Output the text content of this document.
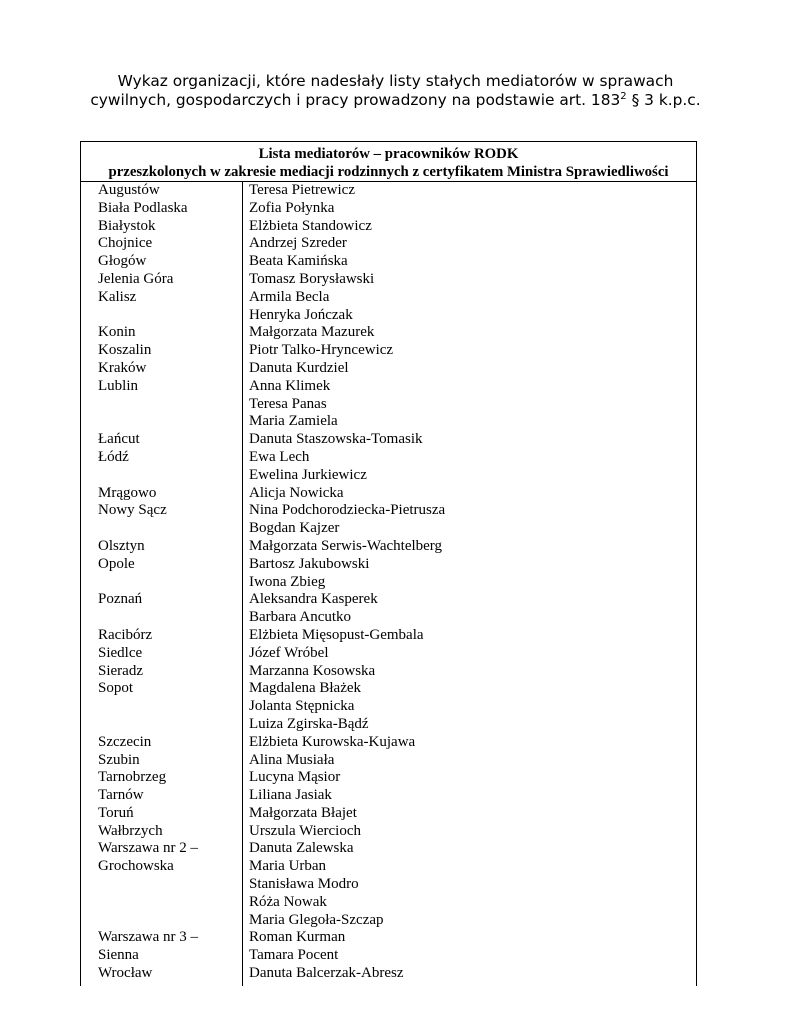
Wykaz organizacji, które nadesłały listy stałych mediatorów w sprawach
cywilnych, gospodarczych i pracy prowadzony na podstawie art. $183^2$ § 3 k.p.c.
Lista mediatorów – pracowników RODK
przeszkolonych w zakresie mediacji rodzinnych z certyfikatem Ministra Sprawiedliwości
Augustów	Teresa Pietrewicz
Biała Podlaska	Zofia Połynka
Białystok	Elżbieta Standowicz
Chojnice	Andrzej Szreder
Głogów	Beata Kamińska
Jelenia Góra	Tomasz Borysławski
Kalisz	Armila Becla
Henryka Jończak
Konin	Małgorzata Mazurek
Koszalin	Piotr Talko-Hryncewicz
Kraków	Danuta Kurdziel
Lublin	Anna Klimek
Teresa Panas
Maria Zamiela
Łańcut	Danuta Staszowska-Tomasik
Łódź	Ewa Lech
Ewelina Jurkiewicz
Mrągowo	Alicja Nowicka
Nowy Sącz	Nina Podchorodziecka-Pietrusza
Bogdan Kajzer
Olsztyn	Małgorzata Serwis-Wachtelberg
Opole	Bartosz Jakubowski
Iwona Zbieg
Poznań	Aleksandra Kasperek
Barbara Ancutko
Racibórz	Elżbieta Mięsopust-Gembala
Siedlce	Józef Wróbel
Sieradz	Marzanna Kosowska
Sopot	Magdalena Błażek
Jolanta Stępnicka
Luiza Zgirska-Bądź
Szczecin	Elżbieta Kurowska-Kujawa
Szubin	Alina Musiała
Tarnobrzeg	Lucyna Mąsior
Tarnów	Liliana Jasiak
Toruń	Małgorzata Błajet
Wałbrzych	Urszula Wiercioch
Warszawa nr 2 –	Danuta Zalewska
Grochowska	Maria Urban
Stanisława Modro
Róża Nowak
Maria Glegoła-Szczap
Warszawa nr 3 –	Roman Kurman
Sienna	Tamara Pocent
Wrocław	Danuta Balcerzak-Abresz
